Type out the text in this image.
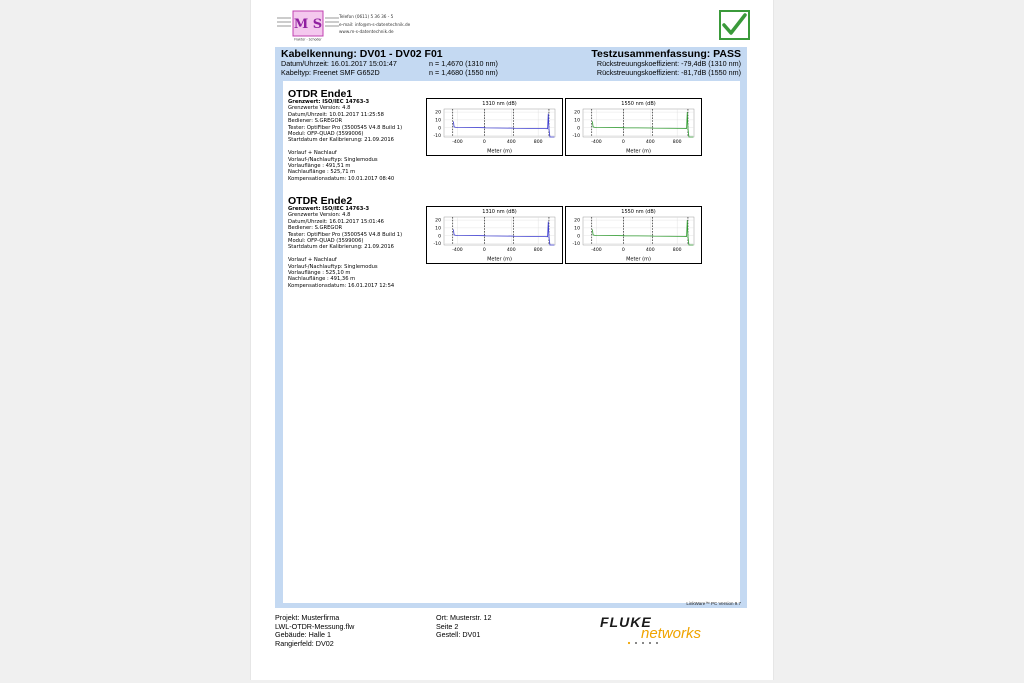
M S
Fraktor - Schoder
Telefon (0611) 5 36 36 - 5
e-mail: info@m-s-datentechnik.de
www.m-s-datentechnik.de
Kabelkennung: DV01 - DV02 F01	Testzusammenfassung: PASS
Datum/Uhrzeit: 16.01.2017 15:01:47	n = 1,4670 (1310 nm)	Rückstreuungskoeffizient: -79,4dB (1310 nm)
Kabeltyp: Freenet SMF G652D	n = 1,4680 (1550 nm)	Rückstreuungskoeffizient: -81,7dB (1550 nm)
OTDR Ende1
Grenzwert: ISO/IEC 14763-3
Grenzwerte Version: 4.8
Datum/Uhrzeit: 10.01.2017 11:25:58
Bediener: S.GREGOR
Tester: OptiFiber Pro (3500545 V4.8 Build 1)
Modul: OFP-QUAD (3599006)
Startdatum der Kalibrierung: 21.09.2016

Vorlauf + Nachlauf
Vorlauf-/Nachlauftyp: Singlemodus
Vorlauflänge : 491,51 m
Nachlauflänge : 525,71 m
Kompensationsdatum: 10.01.2017 08:40
1310 nm (dB)
20
10
0
-10
-400	0	400	800
Meter (m)
1550 nm (dB)
20
10
0
-10
-400	0	400	800
Meter (m)
OTDR Ende2
Grenzwert: ISO/IEC 14763-3
Grenzwerte Version: 4.8
Datum/Uhrzeit: 16.01.2017 15:01:46
Bediener: S.GREGOR
Tester: OptiFiber Pro (3500545 V4.8 Build 1)
Modul: OFP-QUAD (3599006)
Startdatum der Kalibrierung: 21.09.2016

Vorlauf + Nachlauf
Vorlauf-/Nachlauftyp: Singlemodus
Vorlauflänge : 525,10 m
Nachlauflänge : 491,36 m
Kompensationsdatum: 16.01.2017 12:54
1310 nm (dB)
20
10
0
-10
-400	0	400	800
Meter (m)
1550 nm (dB)
20
10
0
-10
-400	0	400	800
Meter (m)
LinkWare™ PC Version 9.7
Projekt: Musterfirma
LWL-OTDR-Messung.flw
Gebäude: Halle 1
Rangierfeld: DV02
Ort: Musterstr. 12
Seite 2
Gestell: DV01
FLUKE
networks
